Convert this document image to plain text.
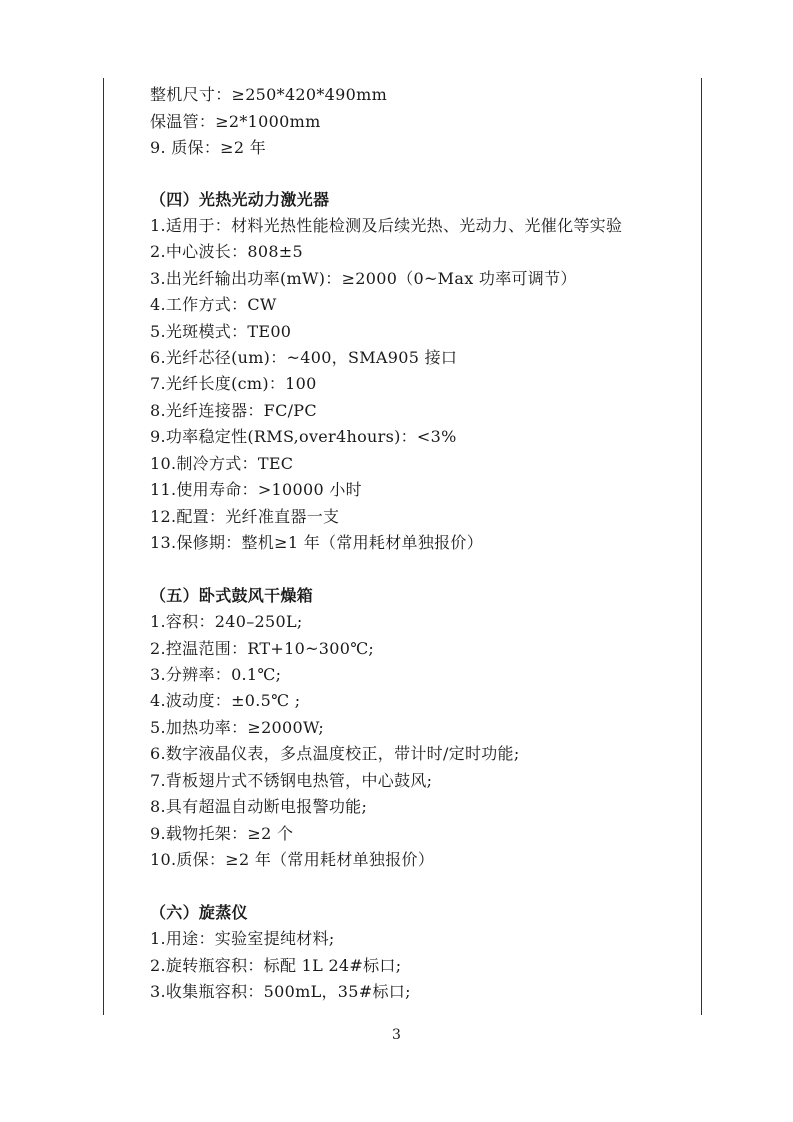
整机尺寸：≥250*420*490mm
保温管：≥2*1000mm
9. 质保：≥2 年
（四）光热光动力激光器
1.适用于：材料光热性能检测及后续光热、光动力、光催化等实验
2.中心波长：808±5
3.出光纤输出功率(mW)：≥2000（0~Max 功率可调节）
4.工作方式：CW
5.光斑模式：TE00
6.光纤芯径(um)：~400，SMA905 接口
7.光纤长度(cm)：100
8.光纤连接器：FC/PC
9.功率稳定性(RMS,over4hours)：<3%
10.制冷方式：TEC
11.使用寿命：>10000 小时
12.配置：光纤准直器一支
13.保修期：整机≥1 年（常用耗材单独报价）
（五）卧式鼓风干燥箱
1.容积：240–250L;
2.控温范围：RT+10~300℃;
3.分辨率：0.1℃;
4.波动度：±0.5℃ ;
5.加热功率：≥2000W;
6.数字液晶仪表，多点温度校正，带计时/定时功能;
7.背板翅片式不锈钢电热管，中心鼓风;
8.具有超温自动断电报警功能;
9.载物托架：≥2 个
10.质保：≥2 年（常用耗材单独报价）
（六）旋蒸仪
1.用途：实验室提纯材料;
2.旋转瓶容积：标配 1L 24#标口;
3.收集瓶容积：500mL，35#标口;
3
